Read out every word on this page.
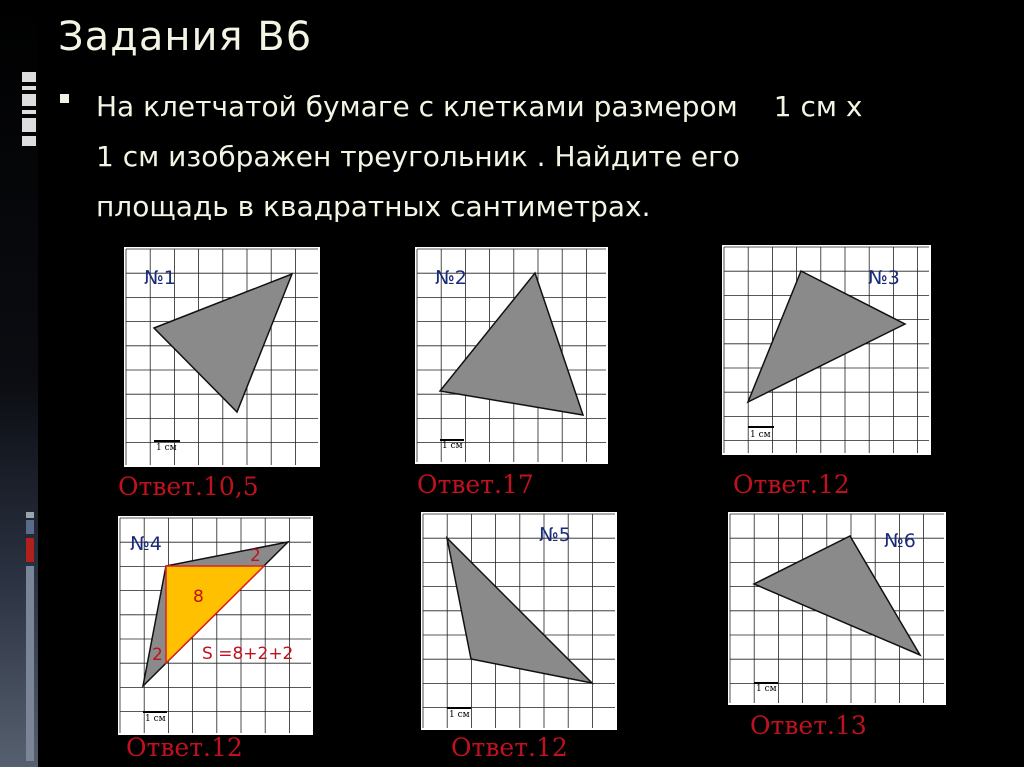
Задания В6

На клетчатой бумаге с клетками размером 1 см х
1 см изображен треугольник . Найдите его
площадь в квадратных сантиметрах.

№1
1 см
Ответ.10,5
№2
1 см
Ответ.17
№3
1 см
Ответ.12
№4
2
8
2 S =8+2+2
1 см
Ответ.12
№5
1 см
Ответ.12
№6
1 см
Ответ.13
